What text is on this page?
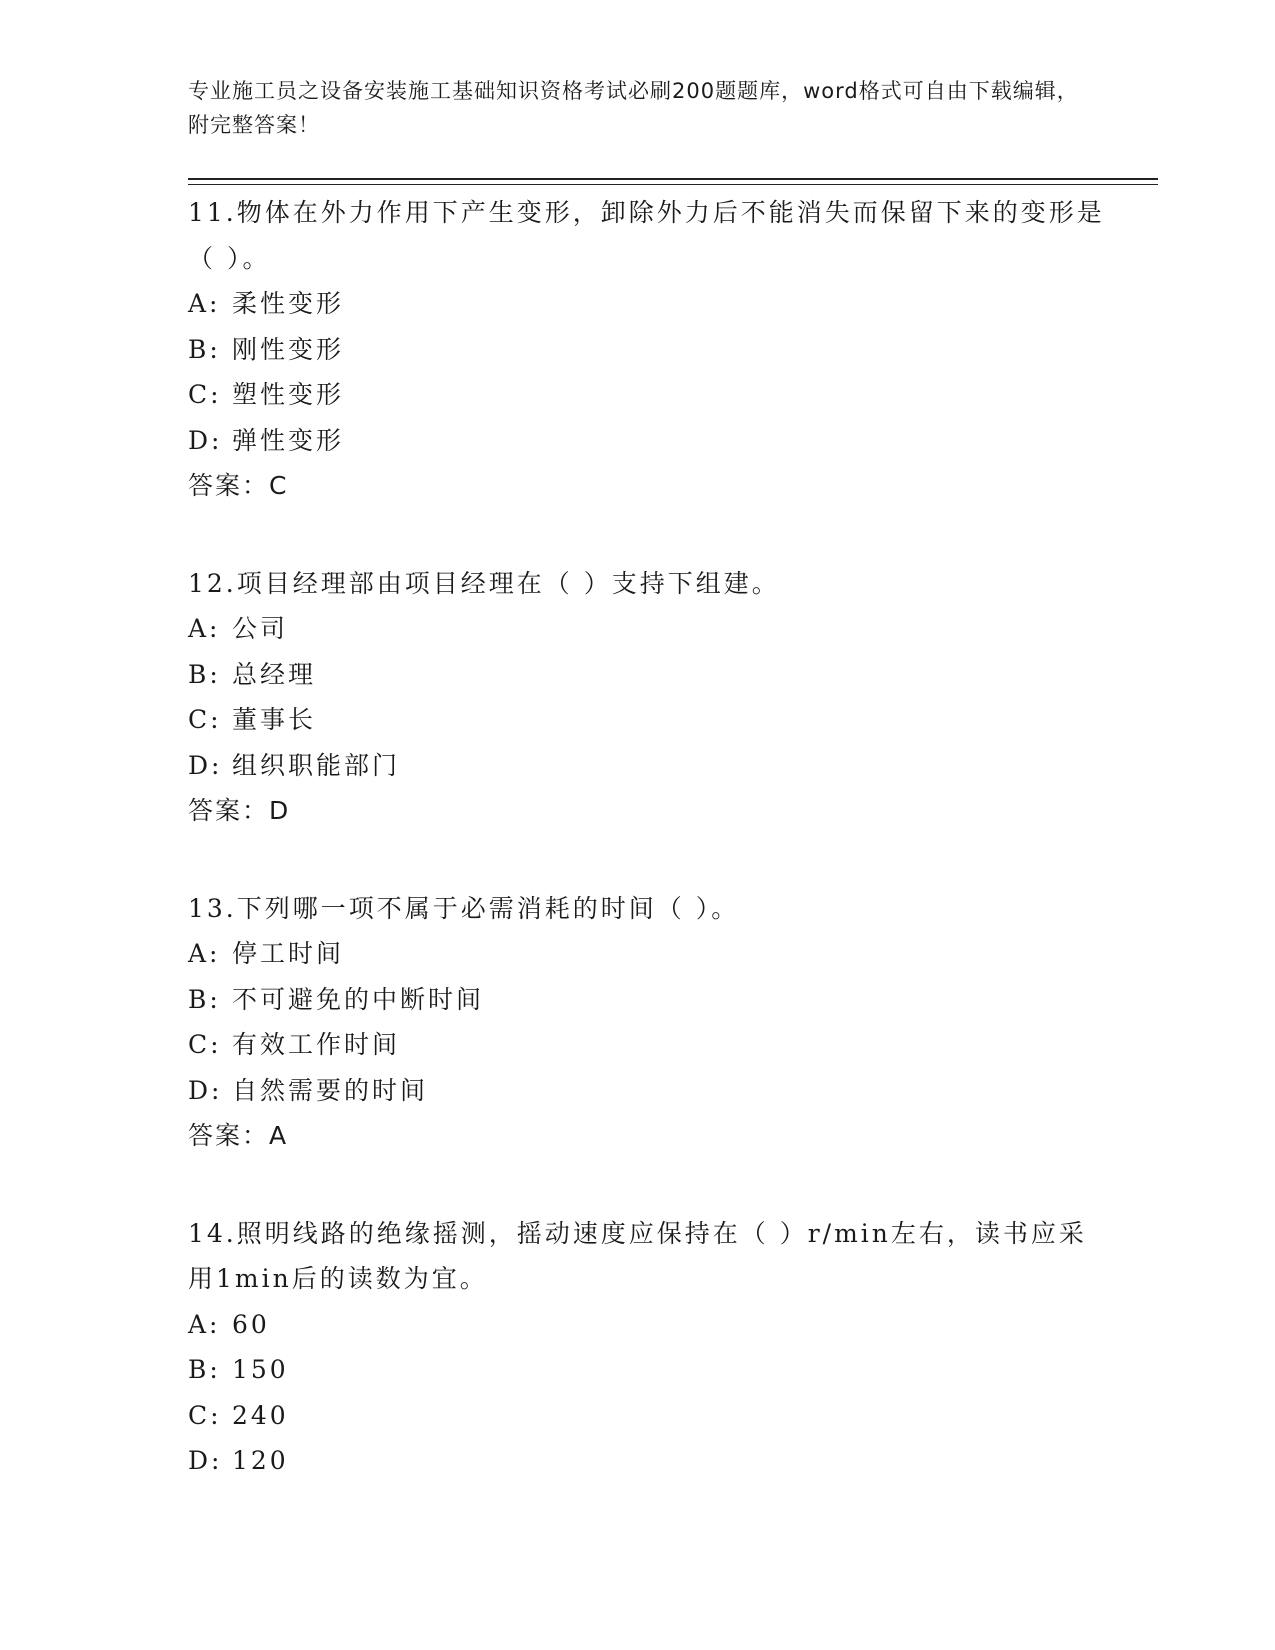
专业施工员之设备安装施工基础知识资格考试必刷200题题库，word格式可自由下载编辑，附完整答案！

11.物体在外力作用下产生变形，卸除外力后不能消失而保留下来的变形是（ ）。

A: 柔性变形

B: 刚性变形

C: 塑性变形

D: 弹性变形

答案：C

12.项目经理部由项目经理在（ ）支持下组建。

A: 公司

B: 总经理

C: 董事长

D: 组织职能部门

答案：D

13.下列哪一项不属于必需消耗的时间（ ）。

A: 停工时间

B: 不可避免的中断时间

C: 有效工作时间

D: 自然需要的时间

答案：A

14.照明线路的绝缘摇测，摇动速度应保持在（ ）r/min左右，读书应采用1min后的读数为宜。

A: 60

B: 150

C: 240

D: 120
